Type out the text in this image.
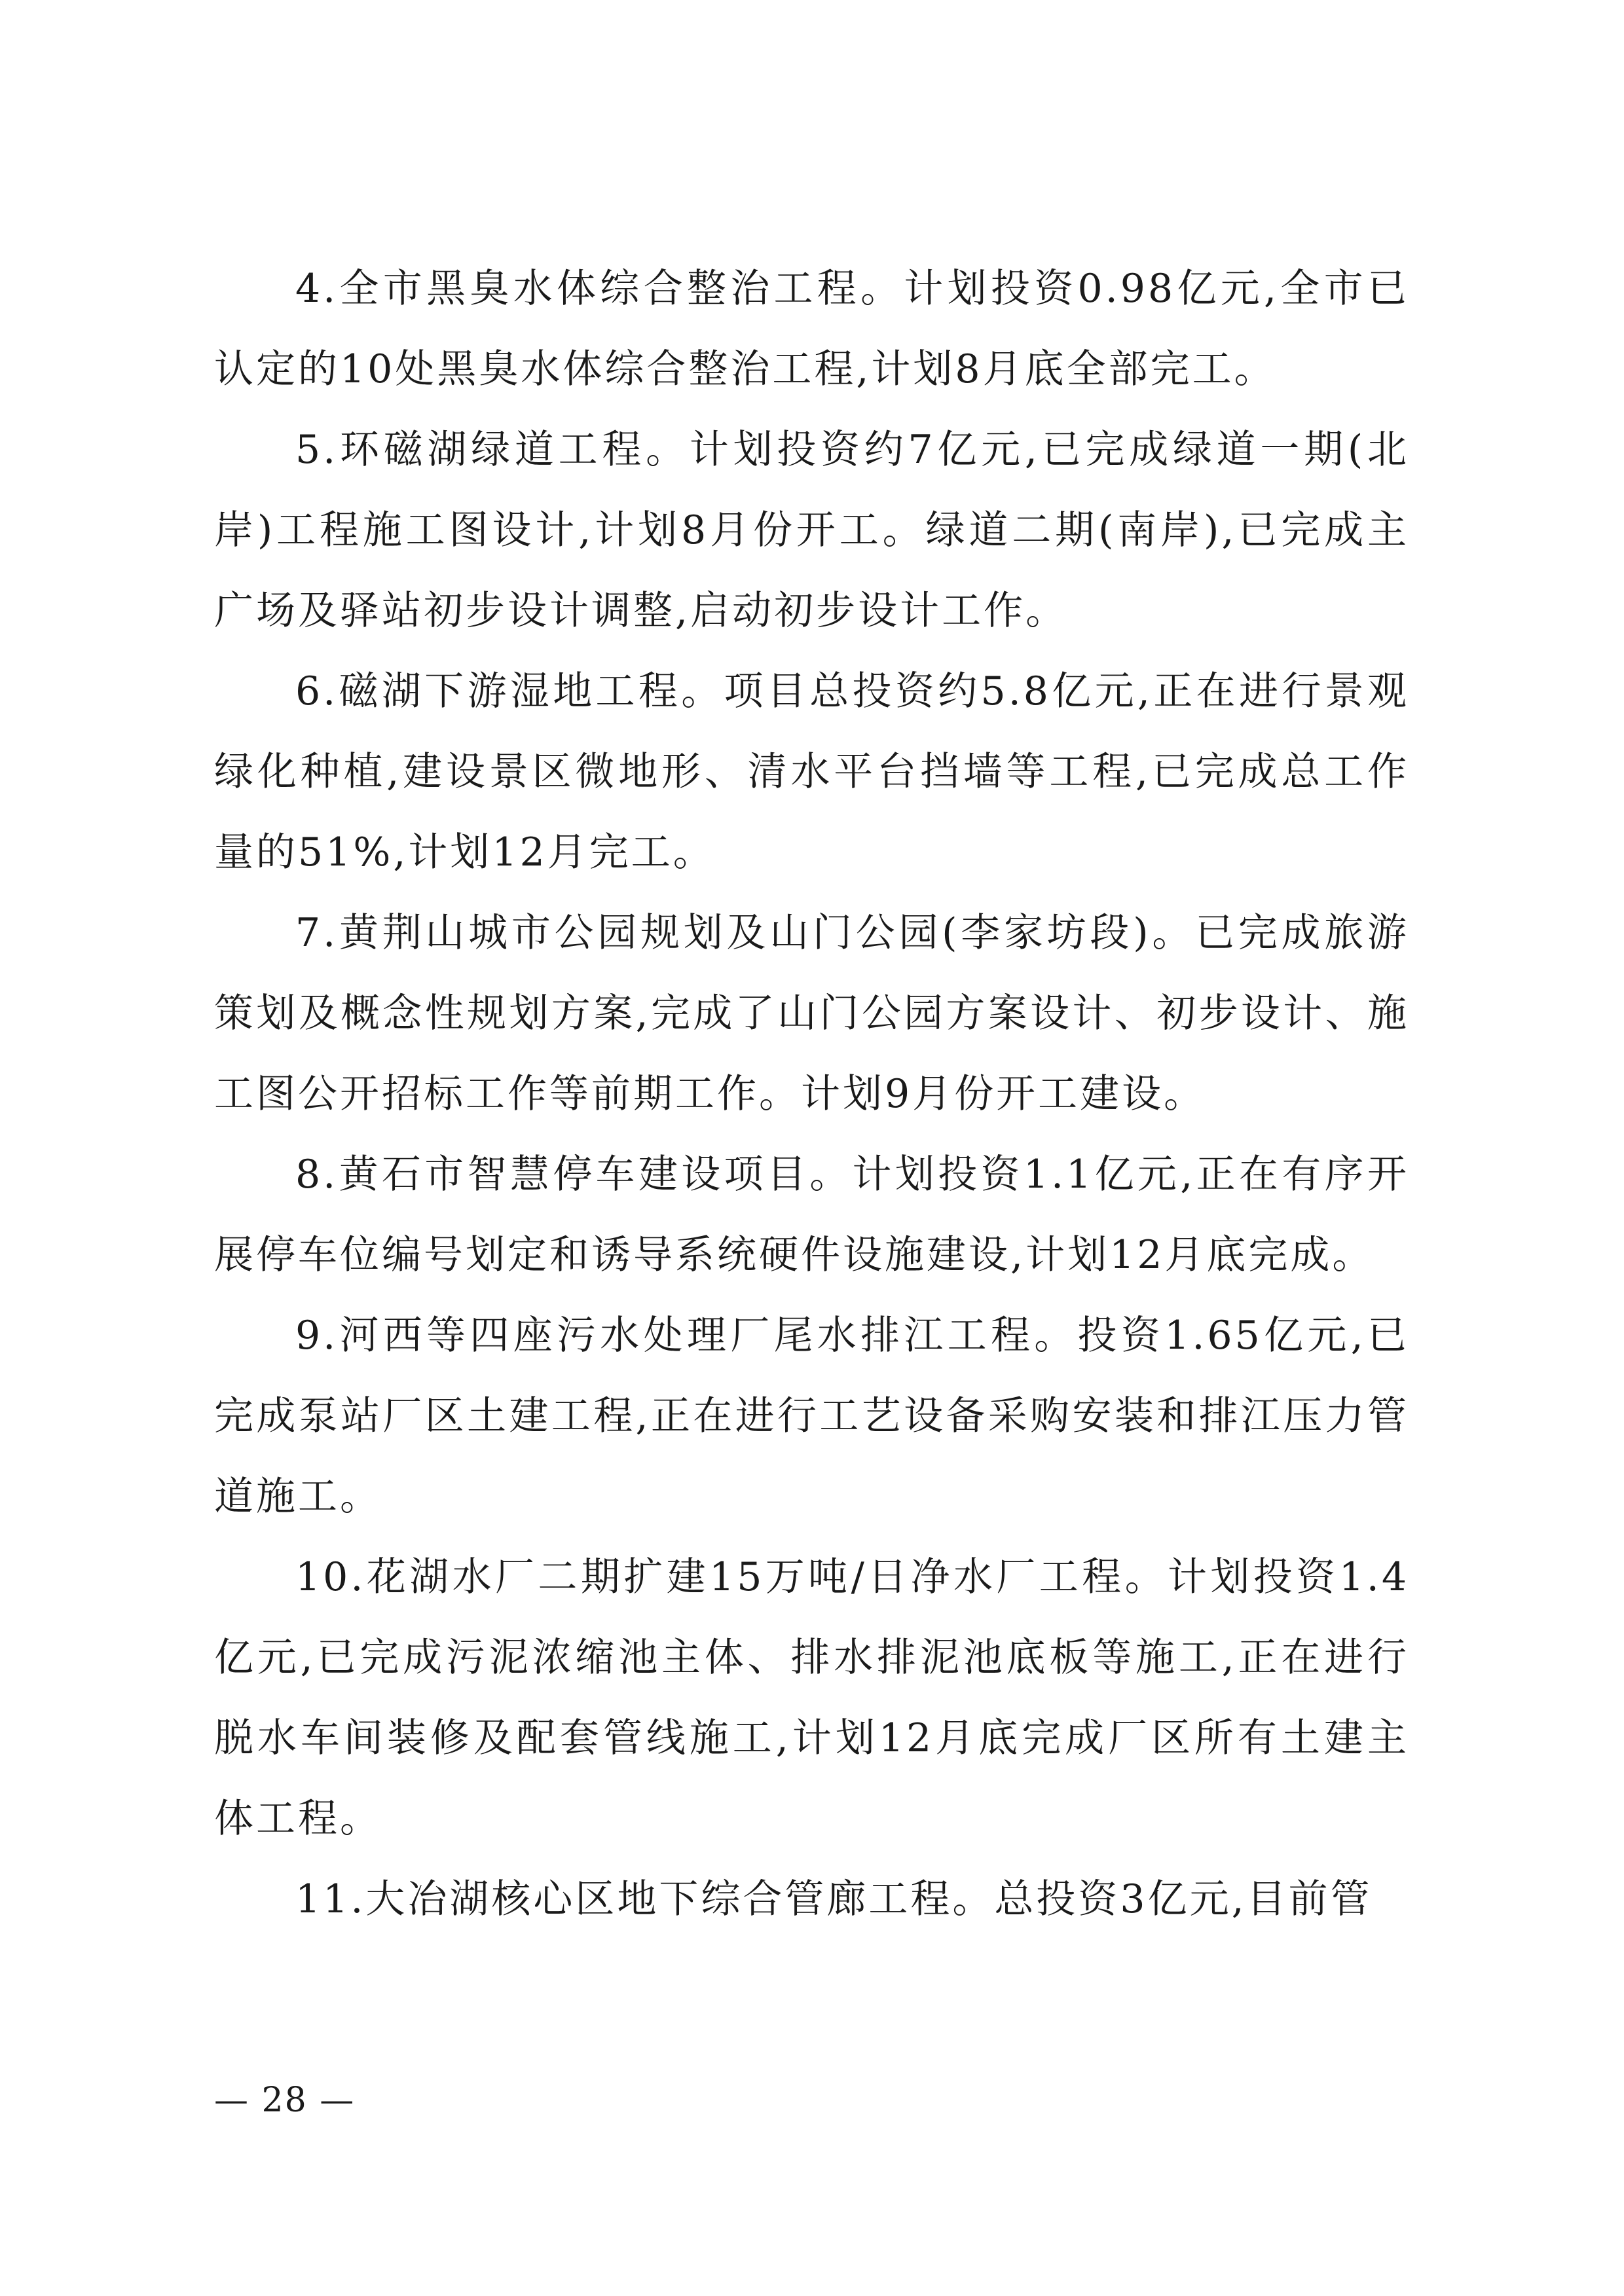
4.全市黑臭水体综合整治工程。计划投资0.98亿元,全市已认定的10处黑臭水体综合整治工程,计划8月底全部完工。

5.环磁湖绿道工程。计划投资约7亿元,已完成绿道一期(北岸)工程施工图设计,计划8月份开工。绿道二期(南岸),已完成主广场及驿站初步设计调整,启动初步设计工作。

6.磁湖下游湿地工程。项目总投资约5.8亿元,正在进行景观绿化种植,建设景区微地形、清水平台挡墙等工程,已完成总工作量的51%,计划12月完工。

7.黄荆山城市公园规划及山门公园(李家坊段)。已完成旅游策划及概念性规划方案,完成了山门公园方案设计、初步设计、施工图公开招标工作等前期工作。计划9月份开工建设。

8.黄石市智慧停车建设项目。计划投资1.1亿元,正在有序开展停车位编号划定和诱导系统硬件设施建设,计划12月底完成。

9.河西等四座污水处理厂尾水排江工程。投资1.65亿元,已完成泵站厂区土建工程,正在进行工艺设备采购安装和排江压力管道施工。

10.花湖水厂二期扩建15万吨/日净水厂工程。计划投资1.4亿元,已完成污泥浓缩池主体、排水排泥池底板等施工,正在进行脱水车间装修及配套管线施工,计划12月底完成厂区所有土建主体工程。

11.大冶湖核心区地下综合管廊工程。总投资3亿元,目前管

— 28 —
